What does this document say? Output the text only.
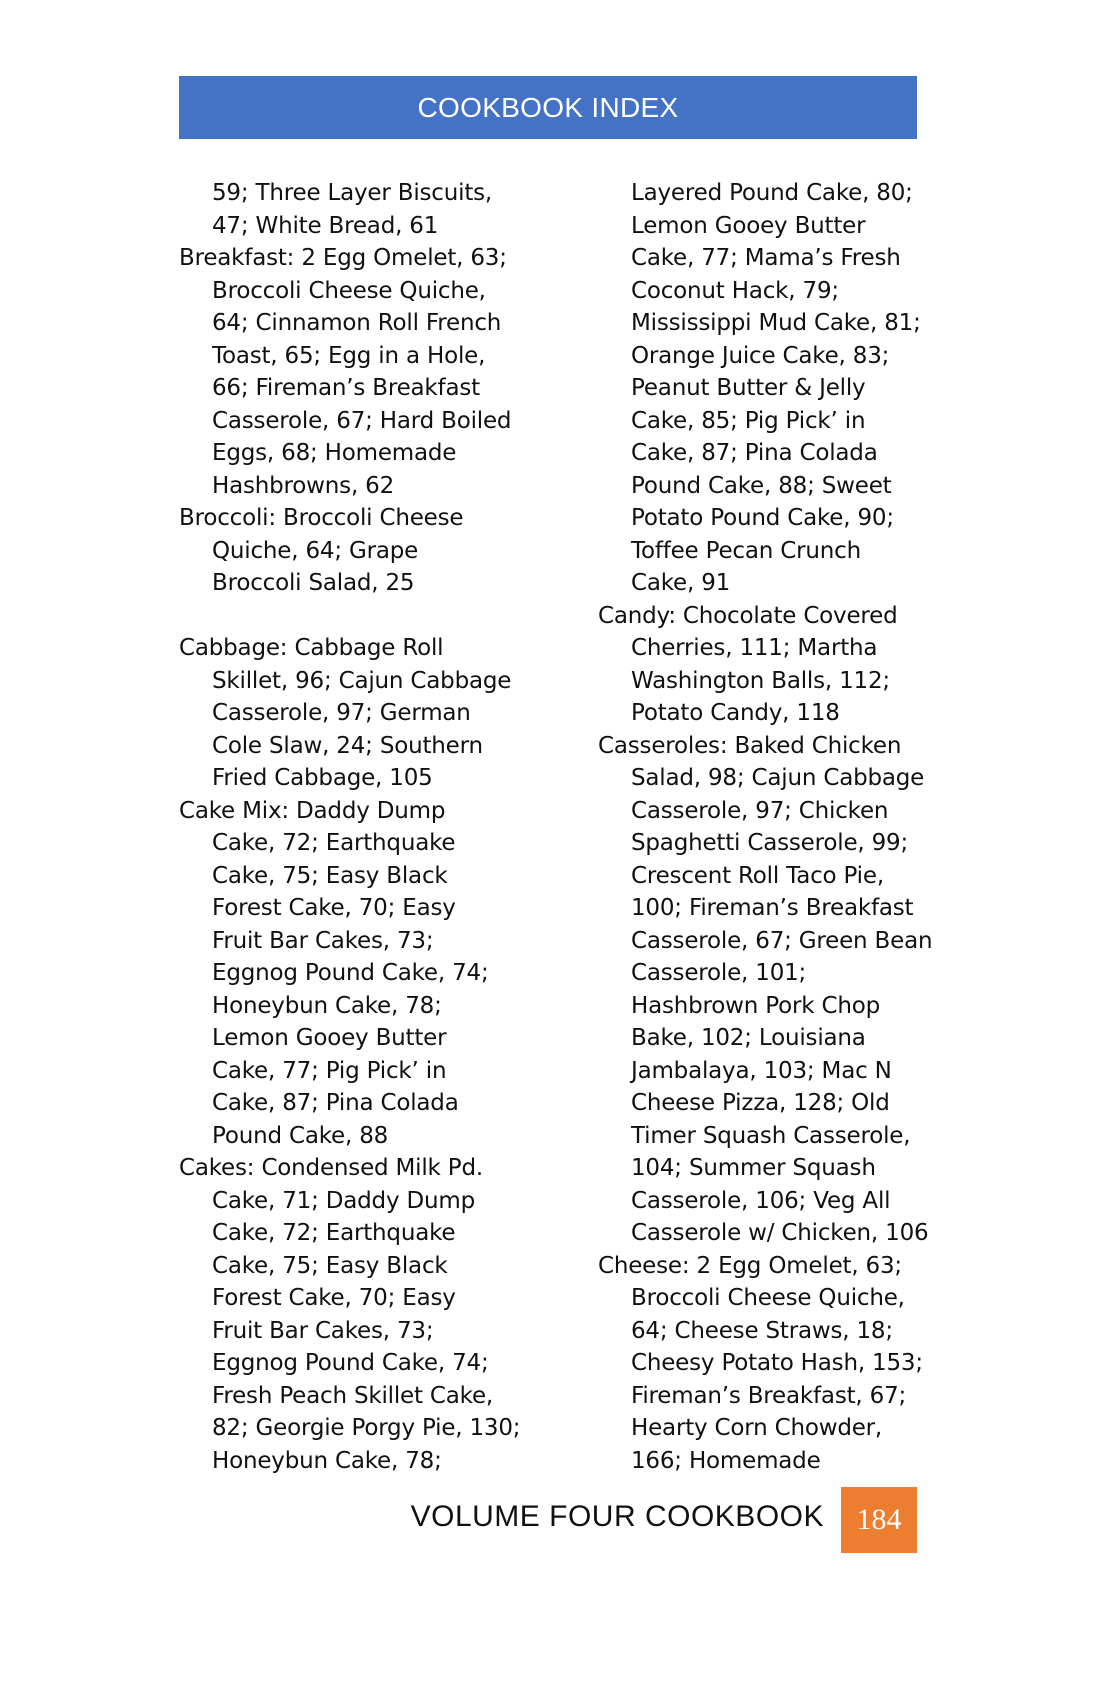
COOKBOOK INDEX
59; Three Layer Biscuits,
47; White Bread, 61
Breakfast: 2 Egg Omelet, 63;
Broccoli Cheese Quiche,
64; Cinnamon Roll French
Toast, 65; Egg in a Hole,
66; Fireman’s Breakfast
Casserole, 67; Hard Boiled
Eggs, 68; Homemade
Hashbrowns, 62
Broccoli: Broccoli Cheese
Quiche, 64; Grape
Broccoli Salad, 25
Cabbage: Cabbage Roll
Skillet, 96; Cajun Cabbage
Casserole, 97; German
Cole Slaw, 24; Southern
Fried Cabbage, 105
Cake Mix: Daddy Dump
Cake, 72; Earthquake
Cake, 75; Easy Black
Forest Cake, 70; Easy
Fruit Bar Cakes, 73;
Eggnog Pound Cake, 74;
Honeybun Cake, 78;
Lemon Gooey Butter
Cake, 77; Pig Pick’ in
Cake, 87; Pina Colada
Pound Cake, 88
Cakes: Condensed Milk Pd.
Cake, 71; Daddy Dump
Cake, 72; Earthquake
Cake, 75; Easy Black
Forest Cake, 70; Easy
Fruit Bar Cakes, 73;
Eggnog Pound Cake, 74;
Fresh Peach Skillet Cake,
82; Georgie Porgy Pie, 130;
Honeybun Cake, 78;
Layered Pound Cake, 80;
Lemon Gooey Butter
Cake, 77; Mama’s Fresh
Coconut Hack, 79;
Mississippi Mud Cake, 81;
Orange Juice Cake, 83;
Peanut Butter & Jelly
Cake, 85; Pig Pick’ in
Cake, 87; Pina Colada
Pound Cake, 88; Sweet
Potato Pound Cake, 90;
Toffee Pecan Crunch
Cake, 91
Candy: Chocolate Covered
Cherries, 111; Martha
Washington Balls, 112;
Potato Candy, 118
Casseroles: Baked Chicken
Salad, 98; Cajun Cabbage
Casserole, 97; Chicken
Spaghetti Casserole, 99;
Crescent Roll Taco Pie,
100; Fireman’s Breakfast
Casserole, 67; Green Bean
Casserole, 101;
Hashbrown Pork Chop
Bake, 102; Louisiana
Jambalaya, 103; Mac N
Cheese Pizza, 128; Old
Timer Squash Casserole,
104; Summer Squash
Casserole, 106; Veg All
Casserole w/ Chicken, 106
Cheese: 2 Egg Omelet, 63;
Broccoli Cheese Quiche,
64; Cheese Straws, 18;
Cheesy Potato Hash, 153;
Fireman’s Breakfast, 67;
Hearty Corn Chowder,
166; Homemade
VOLUME FOUR COOKBOOK 184
